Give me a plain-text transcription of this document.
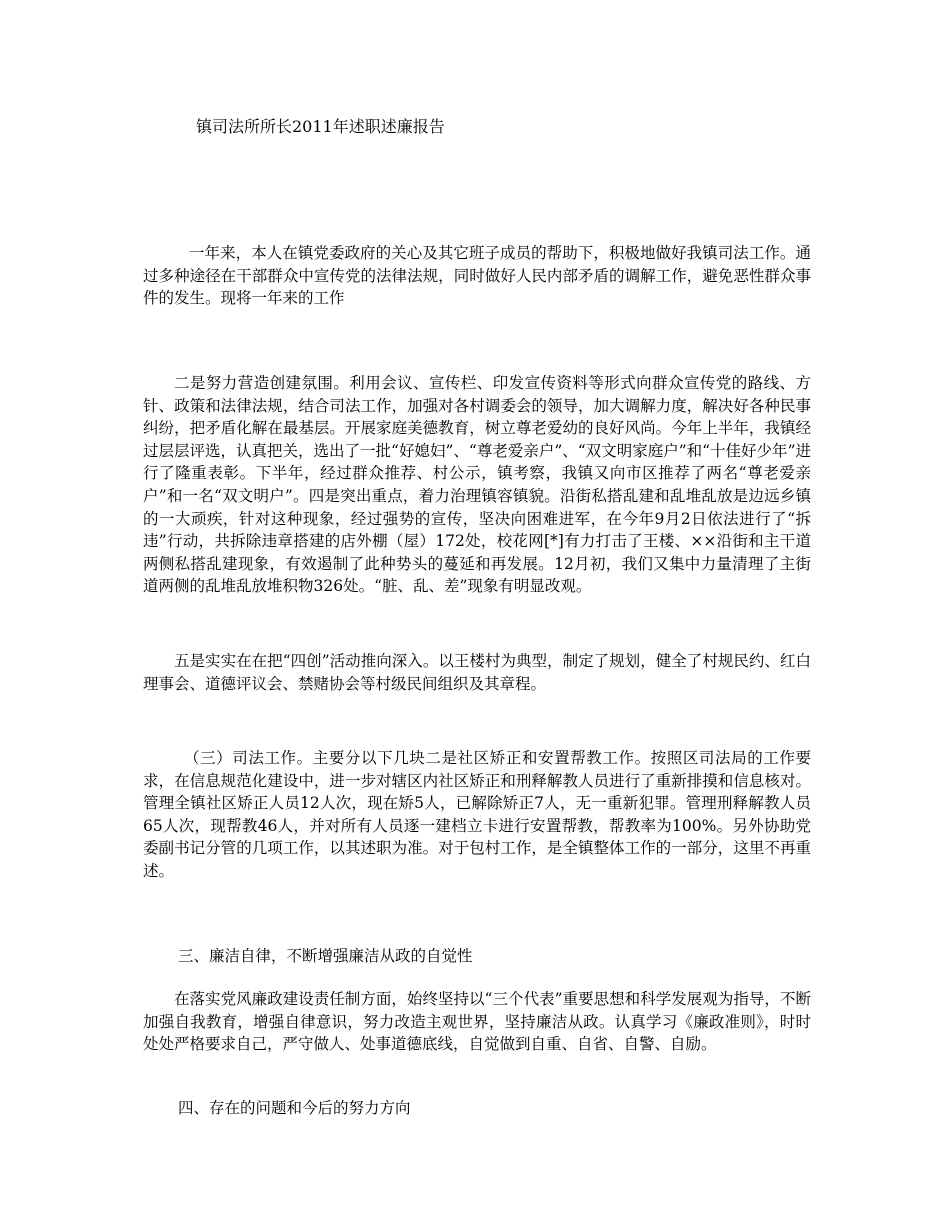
镇司法所所长2011年述职述廉报告

一年来，本人在镇党委政府的关心及其它班子成员的帮助下，积极地做好我镇司法工作。通过多种途径在干部群众中宣传党的法律法规，同时做好人民内部矛盾的调解工作，避免恶性群众事件的发生。现将一年来的工作

二是努力营造创建氛围。利用会议、宣传栏、印发宣传资料等形式向群众宣传党的路线、方针、政策和法律法规，结合司法工作，加强对各村调委会的领导，加大调解力度，解决好各种民事纠纷，把矛盾化解在最基层。开展家庭美德教育，树立尊老爱幼的良好风尚。今年上半年，我镇经过层层评选，认真把关，选出了一批“好媳妇”、“尊老爱亲户”、“双文明家庭户”和“十佳好少年”进行了隆重表彰。下半年，经过群众推荐、村公示，镇考察，我镇又向市区推荐了两名“尊老爱亲户”和一名“双文明户”。四是突出重点，着力治理镇容镇貌。沿街私搭乱建和乱堆乱放是边远乡镇的一大顽疾，针对这种现象，经过强势的宣传，坚决向困难进军，在今年9月2日依法进行了“拆违”行动，共拆除违章搭建的店外棚（屋）172处，校花网[*]有力打击了王楼、××沿街和主干道两侧私搭乱建现象，有效遏制了此种势头的蔓延和再发展。12月初，我们又集中力量清理了主街道两侧的乱堆乱放堆积物326处。“脏、乱、差”现象有明显改观。

五是实实在在把“四创”活动推向深入。以王楼村为典型，制定了规划，健全了村规民约、红白理事会、道德评议会、禁赌协会等村级民间组织及其章程。

（三）司法工作。主要分以下几块二是社区矫正和安置帮教工作。按照区司法局的工作要求，在信息规范化建设中，进一步对辖区内社区矫正和刑释解教人员进行了重新排摸和信息核对。管理全镇社区矫正人员12人次，现在矫5人，已解除矫正7人，无一重新犯罪。管理刑释解教人员65人次，现帮教46人，并对所有人员逐一建档立卡进行安置帮教，帮教率为100%。另外协助党委副书记分管的几项工作，以其述职为准。对于包村工作，是全镇整体工作的一部分，这里不再重述。

三、廉洁自律，不断增强廉洁从政的自觉性

在落实党风廉政建设责任制方面，始终坚持以“三个代表”重要思想和科学发展观为指导，不断加强自我教育，增强自律意识，努力改造主观世界，坚持廉洁从政。认真学习《廉政准则》，时时处处严格要求自己，严守做人、处事道德底线，自觉做到自重、自省、自警、自励。

四、存在的问题和今后的努力方向
